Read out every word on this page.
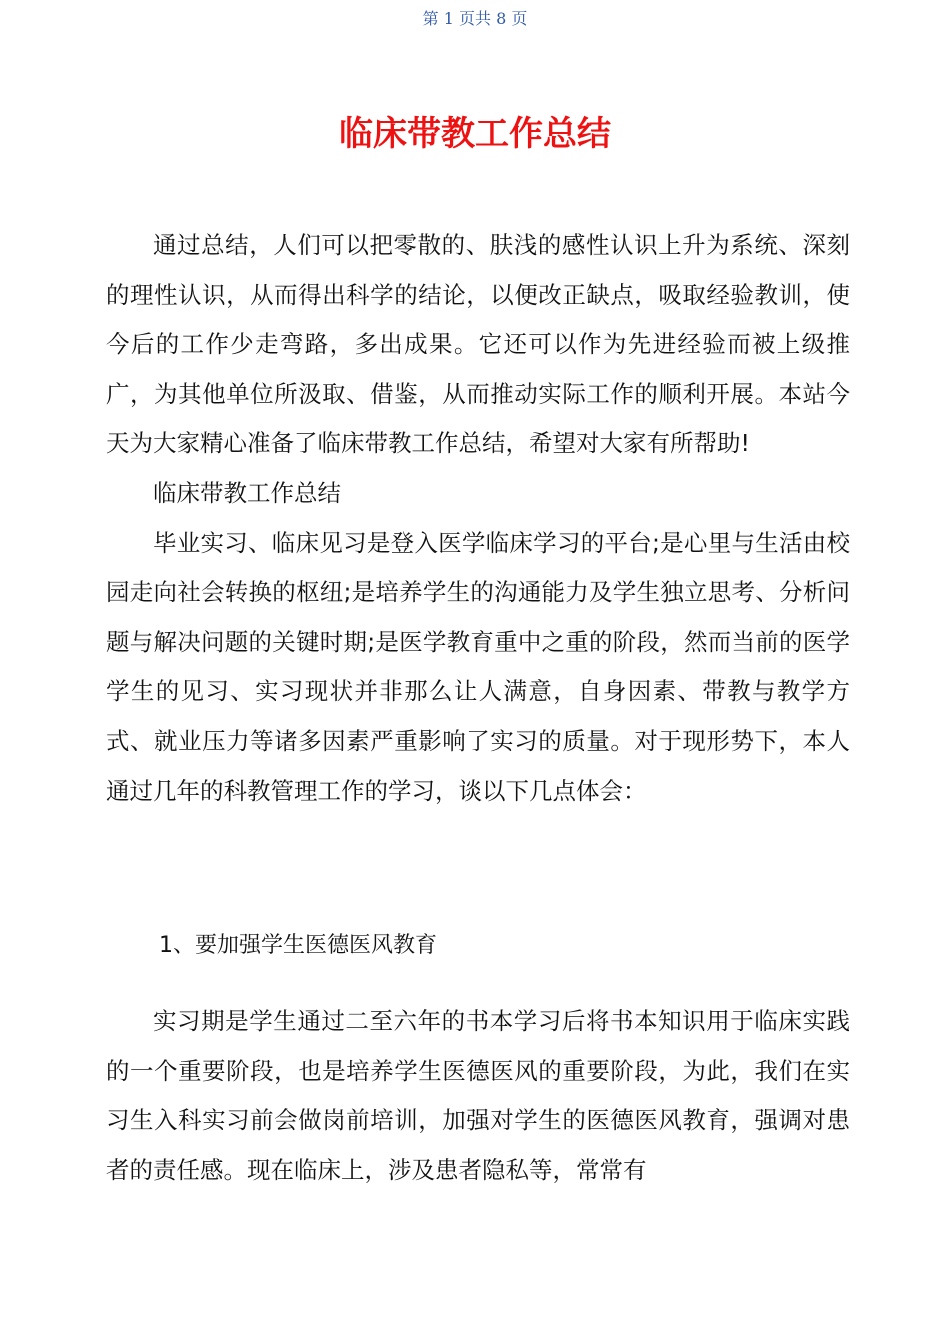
第 1 页共 8 页
临床带教工作总结

通过总结，人们可以把零散的、肤浅的感性认识上升为系统、深刻的理性认识，从而得出科学的结论，以便改正缺点，吸取经验教训，使今后的工作少走弯路，多出成果。它还可以作为先进经验而被上级推广，为其他单位所汲取、借鉴，从而推动实际工作的顺利开展。本站今天为大家精心准备了临床带教工作总结，希望对大家有所帮助!

临床带教工作总结

毕业实习、临床见习是登入医学临床学习的平台;是心里与生活由校园走向社会转换的枢纽;是培养学生的沟通能力及学生独立思考、分析问题与解决问题的关键时期;是医学教育重中之重的阶段，然而当前的医学学生的见习、实习现状并非那么让人满意，自身因素、带教与教学方式、就业压力等诸多因素严重影响了实习的质量。对于现形势下，本人通过几年的科教管理工作的学习，谈以下几点体会：

1、要加强学生医德医风教育

实习期是学生通过二至六年的书本学习后将书本知识用于临床实践的一个重要阶段，也是培养学生医德医风的重要阶段，为此，我们在实习生入科实习前会做岗前培训，加强对学生的医德医风教育，强调对患者的责任感。现在临床上，涉及患者隐私等，常常有
